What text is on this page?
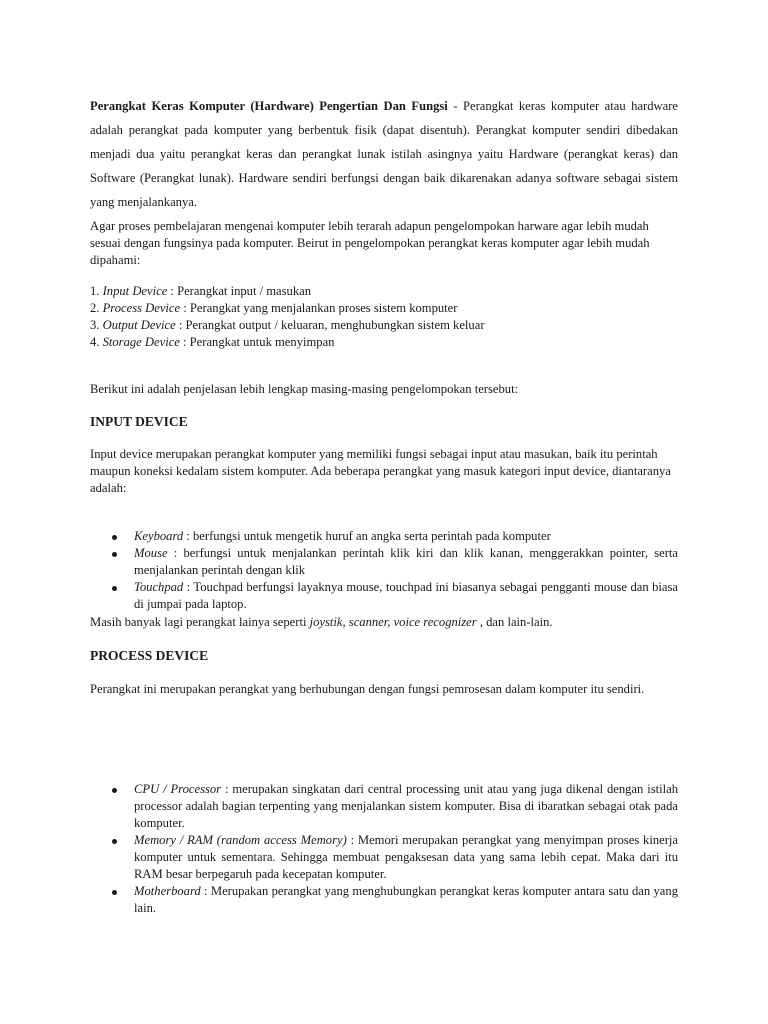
Perangkat Keras Komputer (Hardware) Pengertian Dan Fungsi - Perangkat keras komputer atau hardware adalah perangkat pada komputer yang berbentuk fisik (dapat disentuh). Perangkat komputer sendiri dibedakan menjadi dua yaitu perangkat keras dan perangkat lunak istilah asingnya yaitu Hardware (perangkat keras) dan Software (Perangkat lunak). Hardware sendiri berfungsi dengan baik dikarenakan adanya software sebagai sistem yang menjalankanya.

Agar proses pembelajaran mengenai komputer lebih terarah adapun pengelompokan harware agar lebih mudah sesuai dengan fungsinya pada komputer. Beirut in pengelompokan perangkat keras komputer agar lebih mudah dipahami:

1. Input Device : Perangkat input / masukan
2. Process Device : Perangkat yang menjalankan proses sistem komputer
3. Output Device : Perangkat output / keluaran, menghubungkan sistem keluar
4. Storage Device : Perangkat untuk menyimpan

Berikut ini adalah penjelasan lebih lengkap masing-masing pengelompokan tersebut:

INPUT DEVICE

Input device merupakan perangkat komputer yang memiliki fungsi sebagai input atau masukan, baik itu perintah maupun koneksi kedalam sistem komputer. Ada beberapa perangkat yang masuk kategori input device, diantaranya adalah:

Keyboard : berfungsi untuk mengetik huruf an angka serta perintah pada komputer
Mouse : berfungsi untuk menjalankan perintah klik kiri dan klik kanan, menggerakkan pointer, serta menjalankan perintah dengan klik
Touchpad : Touchpad berfungsi layaknya mouse, touchpad ini biasanya sebagai pengganti mouse dan biasa di jumpai pada laptop.

Masih banyak lagi perangkat lainya seperti joystik, scanner, voice recognizer , dan lain-lain.

PROCESS DEVICE

Perangkat ini merupakan perangkat yang berhubungan dengan fungsi pemrosesan dalam komputer itu sendiri.

CPU / Processor : merupakan singkatan dari central processing unit atau yang juga dikenal dengan istilah processor adalah bagian terpenting yang menjalankan sistem komputer. Bisa di ibaratkan sebagai otak pada komputer.
Memory / RAM (random access Memory) : Memori merupakan perangkat yang menyimpan proses kinerja komputer untuk sementara. Sehingga membuat pengaksesan data yang sama lebih cepat. Maka dari itu RAM besar berpegaruh pada kecepatan komputer.
Motherboard : Merupakan perangkat yang menghubungkan perangkat keras komputer antara satu dan yang lain.
